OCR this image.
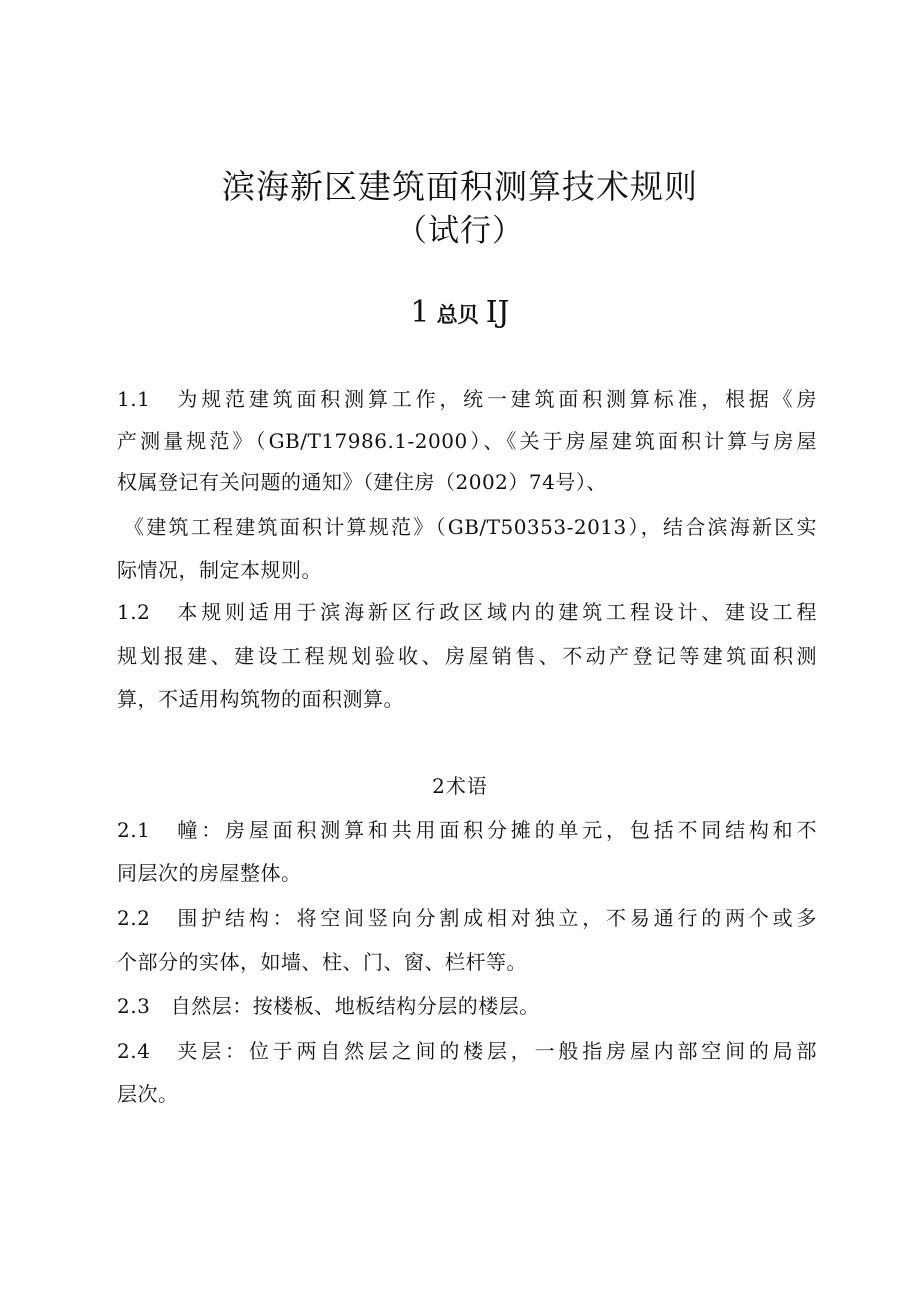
滨海新区建筑面积测算技术规则
（试行）
1 总贝 IJ
1.1　为规范建筑面积测算工作，统一建筑面积测算标准，根据《房
产测量规范》（GB/T17986.1-2000）、《关于房屋建筑面积计算与房屋
权属登记有关问题的通知》（建住房（2002）74号）、
《建筑工程建筑面积计算规范》（GB/T50353-2013），结合滨海新区实
际情况，制定本规则。
1.2　本规则适用于滨海新区行政区域内的建筑工程设计、建设工程
规划报建、建设工程规划验收、房屋销售、不动产登记等建筑面积测
算，不适用构筑物的面积测算。
2术语
2.1　幢：房屋面积测算和共用面积分摊的单元，包括不同结构和不
同层次的房屋整体。
2.2　围护结构：将空间竖向分割成相对独立，不易通行的两个或多
个部分的实体，如墙、柱、门、窗、栏杆等。
2.3　自然层：按楼板、地板结构分层的楼层。
2.4　夹层：位于两自然层之间的楼层，一般指房屋内部空间的局部
层次。
